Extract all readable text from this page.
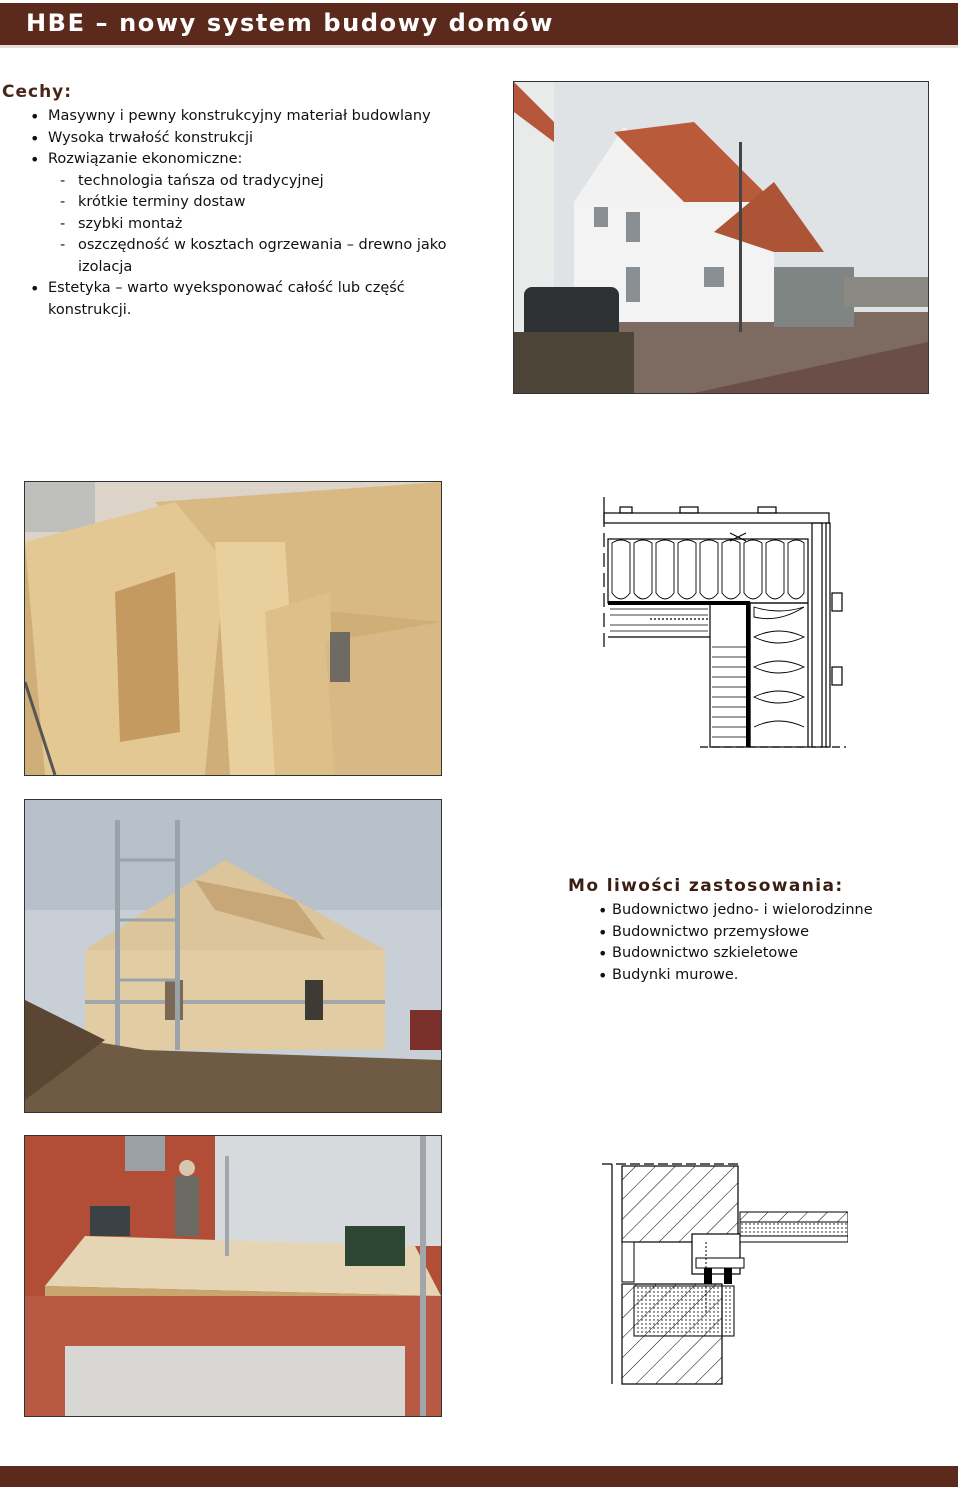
HBE – nowy system budowy domów
Cechy:
• Masywny i pewny konstrukcyjny materiał budowlany
• Wysoka trwałość konstrukcji
• Rozwiązanie ekonomiczne:
- technologia tańsza od tradycyjnej
- krótkie terminy dostaw
- szybki montaż
- oszczędność w kosztach ogrzewania – drewno jako izolacja
• Estetyka – warto wyeksponować całość lub część konstrukcji.
Mo liwości zastosowania:
• Budownictwo jedno- i wielorodzinne
• Budownictwo przemysłowe
• Budownictwo szkieletowe
• Budynki murowe.
